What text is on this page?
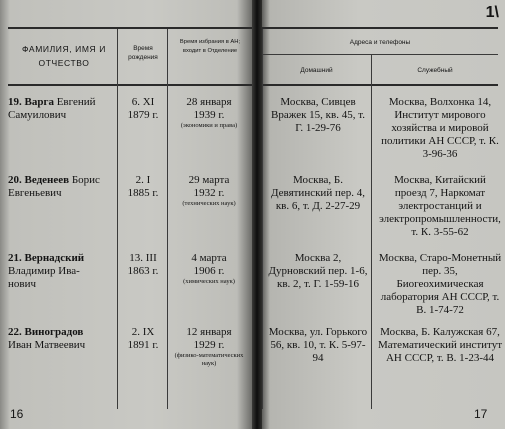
ФАМИЛИЯ, ИМЯ И ОТЧЕСТВО
Время рождения
Время избрания в АН; входит в Отделение
19. Варга Евгений
Самуилович
6. XI
1879 г.
28 января
1939 г.
(экономики и права)
20. Веденеев Борис
Евгеньевич
2. I
1885 г.
29 марта
1932 г.
(технических наук)
21. Вернадский
Владимир Ива-
нович
13. III
1863 г.
4 марта
1906 г.
(химических наук)
22. Виноградов
Иван Матвеевич
2. IX
1891 г.
12 января
1929 г.
(физико-математических наук)
16
1\
Адреса и телефоны
Домашний	Служебный
Москва, Сивцев Вражек 15, кв. 45, т. Г. 1-29-76
Москва, Волхонка 14, Институт мирового хозяйства и мировой политики АН СССР, т. К. 3-96-36
Москва, Б. Девятинский пер. 4, кв. 6, т. Д. 2-27-29
Москва, Китайский проезд 7, Наркомат электростанций и электропромышленности, т. К. 3-55-62
Москва 2, Дурновский пер. 1-6, кв. 2, т. Г. 1-59-16
Москва, Старо-Монетный пер. 35, Биогеохимическая лаборатория АН СССР, т. В. 1-74-72
Москва, ул. Горького 56, кв. 10, т. К. 5-97-94
Москва, Б. Калужская 67, Математический институт АН СССР, т. В. 1-23-44
17
